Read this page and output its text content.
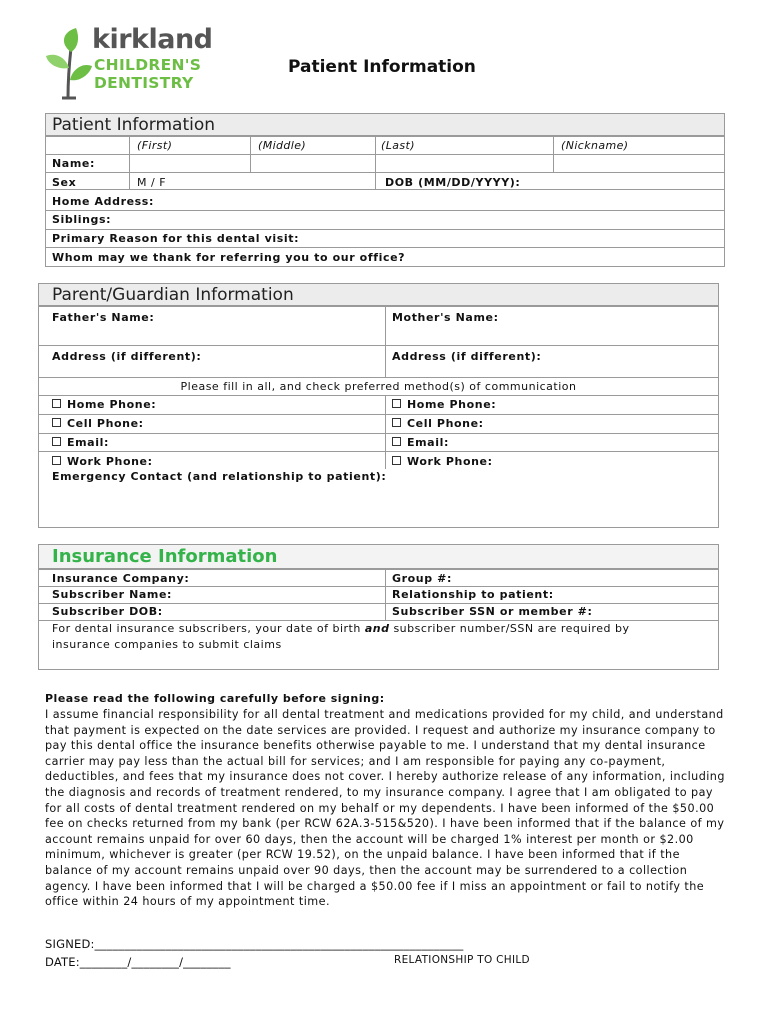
kirkland
CHILDREN'S
DENTISTRY
Patient Information
Patient Information
(First)	(Middle)	(Last)	(Nickname)
Name:
Sex	M / F	DOB (MM/DD/YYYY):
Home Address:
Siblings:
Primary Reason for this dental visit:
Whom may we thank for referring you to our office?
Parent/Guardian Information
Father's Name:	Mother's Name:
Address (if different):	Address (if different):
Please fill in all, and check preferred method(s) of communication
Home Phone:	Home Phone:
Cell Phone:	Cell Phone:
Email:	Email:
Work Phone:	Work Phone:
Emergency Contact (and relationship to patient):
Insurance Information
Insurance Company:	Group #:
Subscriber Name:	Relationship to patient:
Subscriber DOB:	Subscriber SSN or member #:
For dental insurance subscribers, your date of birth and subscriber number/SSN are required by insurance companies to submit claims
Please read the following carefully before signing:
I assume financial responsibility for all dental treatment and medications provided for my child, and understand that payment is expected on the date services are provided. I request and authorize my insurance company to pay this dental office the insurance benefits otherwise payable to me. I understand that my dental insurance carrier may pay less than the actual bill for services; and I am responsible for paying any co-payment, deductibles, and fees that my insurance does not cover. I hereby authorize release of any information, including the diagnosis and records of treatment rendered, to my insurance company. I agree that I am obligated to pay for all costs of dental treatment rendered on my behalf or my dependents. I have been informed of the $50.00 fee on checks returned from my bank (per RCW 62A.3-515&520). I have been informed that if the balance of my account remains unpaid for over 60 days, then the account will be charged 1% interest per month or $2.00 minimum, whichever is greater (per RCW 19.52), on the unpaid balance. I have been informed that if the balance of my account remains unpaid over 90 days, then the account may be surrendered to a collection agency. I have been informed that I will be charged a $50.00 fee if I miss an appointment or fail to notify the office within 24 hours of my appointment time.
SIGNED:______________________________________________________________
DATE:________/________/________	RELATIONSHIP TO CHILD
